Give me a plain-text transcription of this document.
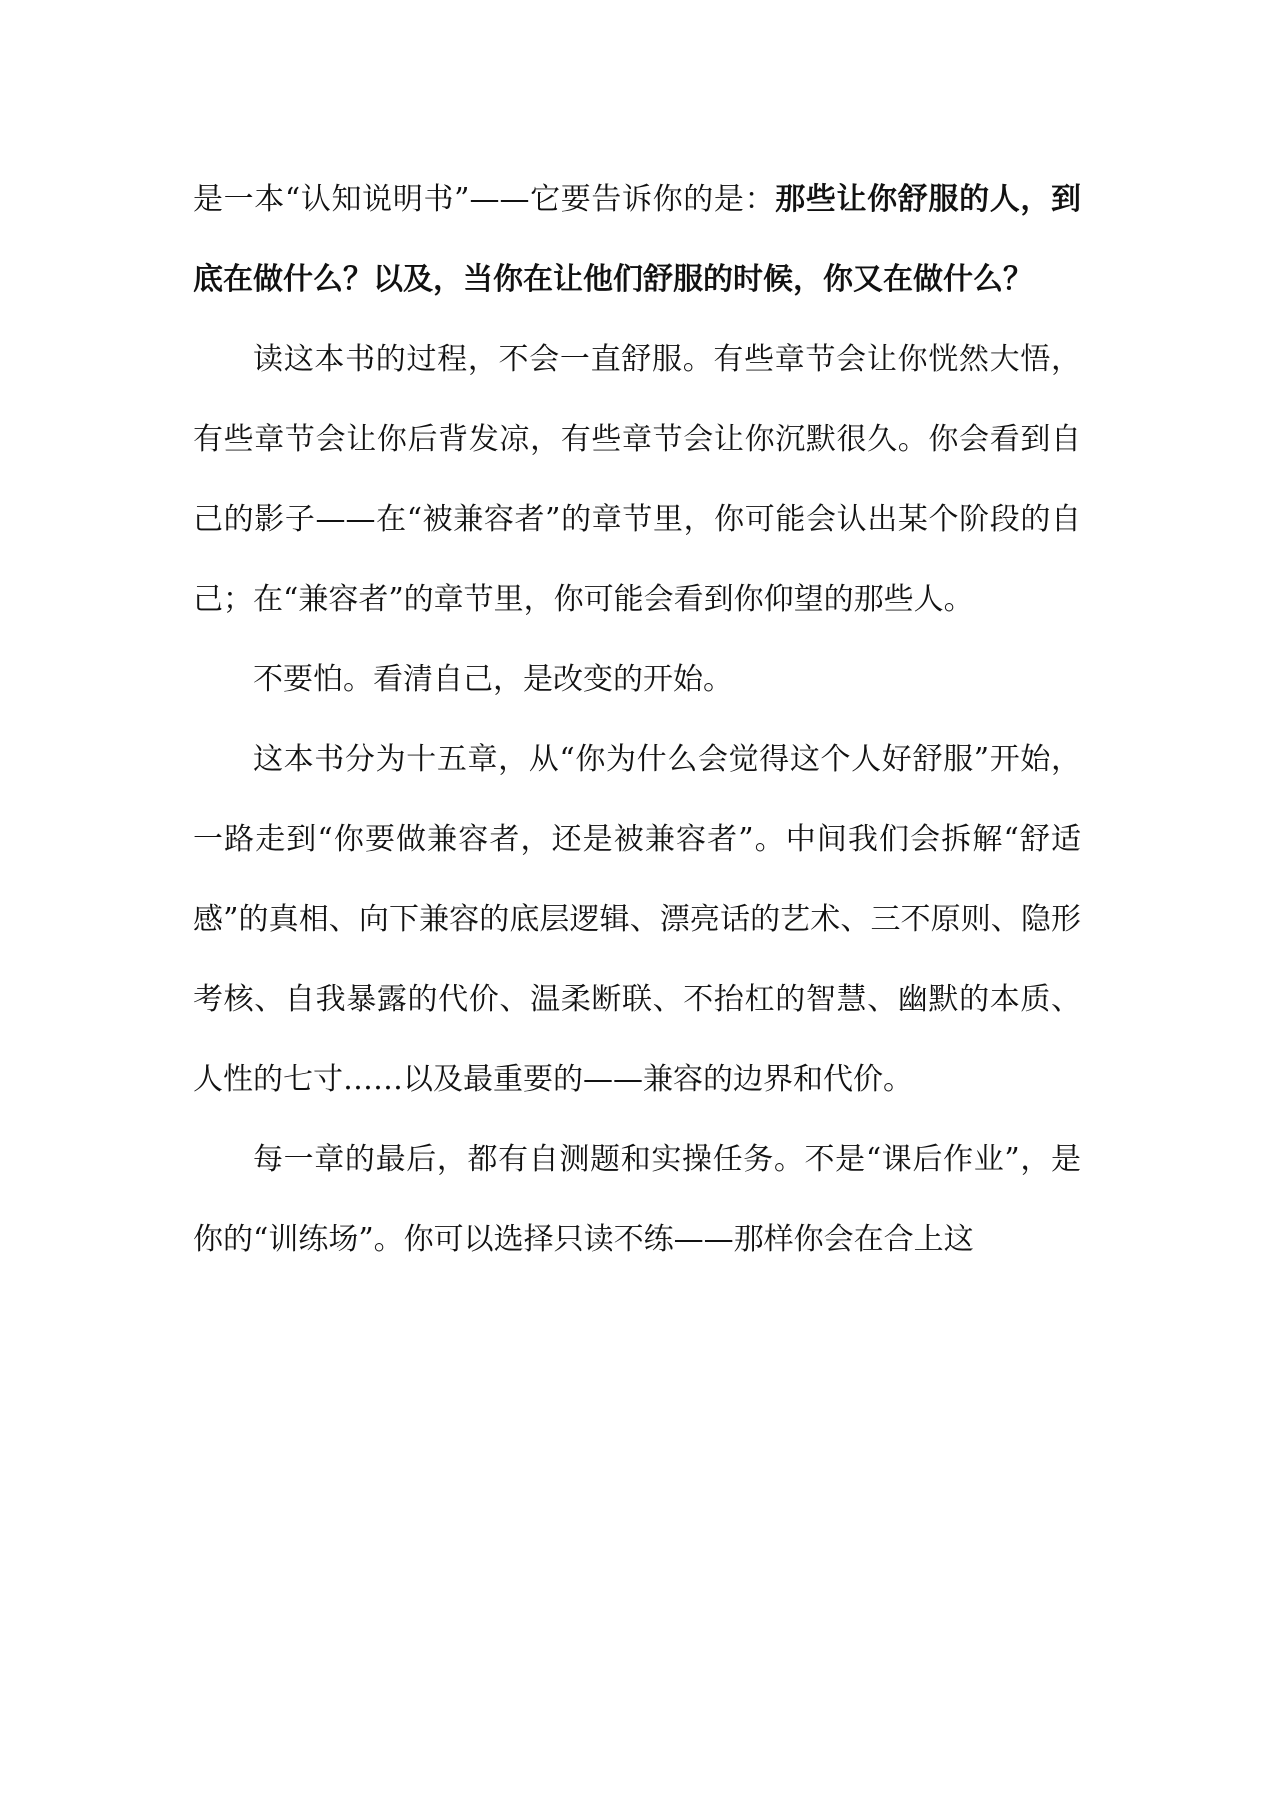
是一本“认知说明书”——它要告诉你的是：那些让你舒服的人，到底在做什么？以及，当你在让他们舒服的时候，你又在做什么？

读这本书的过程，不会一直舒服。有些章节会让你恍然大悟，有些章节会让你后背发凉，有些章节会让你沉默很久。你会看到自己的影子——在“被兼容者”的章节里，你可能会认出某个阶段的自己；在“兼容者”的章节里，你可能会看到你仰望的那些人。

不要怕。看清自己，是改变的开始。

这本书分为十五章，从“你为什么会觉得这个人好舒服”开始，一路走到“你要做兼容者，还是被兼容者”。中间我们会拆解“舒适感”的真相、向下兼容的底层逻辑、漂亮话的艺术、三不原则、隐形考核、自我暴露的代价、温柔断联、不抬杠的智慧、幽默的本质、人性的七寸……以及最重要的——兼容的边界和代价。

每一章的最后，都有自测题和实操任务。不是“课后作业”，是你的“训练场”。你可以选择只读不练——那样你会在合上这
